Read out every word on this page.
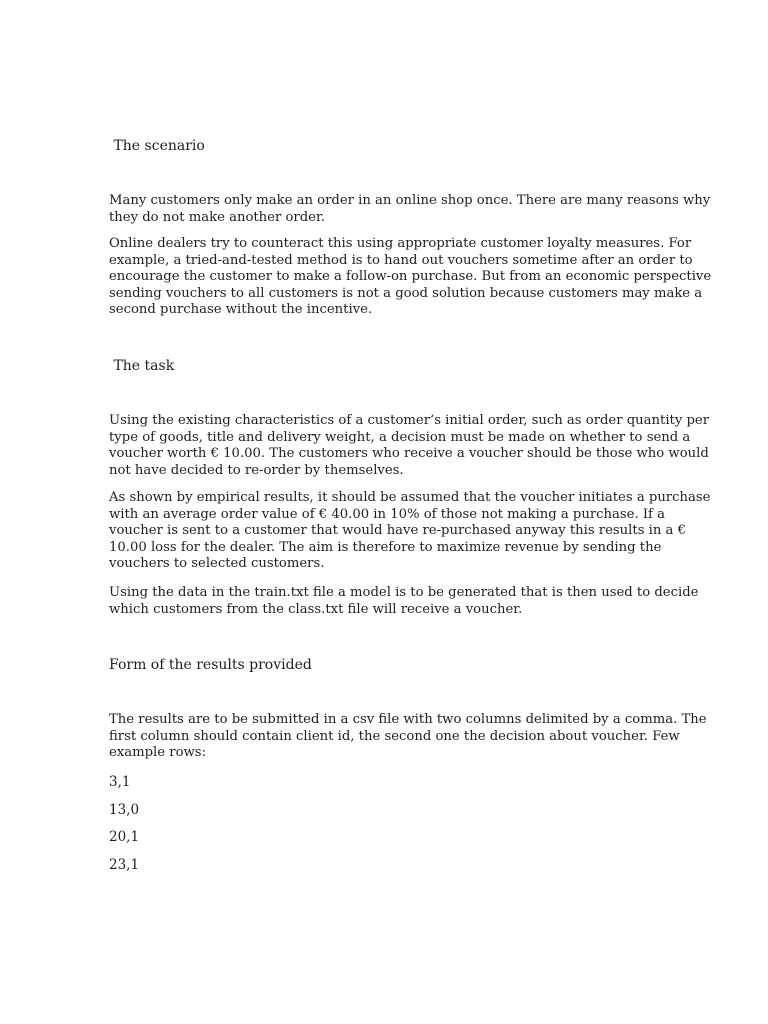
The scenario

Many customers only make an order in an online shop once. There are many reasons why they do not make another order.

Online dealers try to counteract this using appropriate customer loyalty measures. For example, a tried-and-tested method is to hand out vouchers sometime after an order to encourage the customer to make a follow-on purchase. But from an economic perspective sending vouchers to all customers is not a good solution because customers may make a second purchase without the incentive.

The task

Using the existing characteristics of a customer‘s initial order, such as order quantity per type of goods, title and delivery weight, a decision must be made on whether to send a voucher worth € 10.00. The customers who receive a voucher should be those who would not have decided to re-order by themselves.

As shown by empirical results, it should be assumed that the voucher initiates a purchase with an average order value of € 40.00 in 10% of those not making a purchase. If a voucher is sent to a customer that would have re-purchased anyway this results in a € 10.00 loss for the dealer. The aim is therefore to maximize revenue by sending the vouchers to selected customers.

Using the data in the train.txt file a model is to be generated that is then used to decide which customers from the class.txt file will receive a voucher.

Form of the results provided

The results are to be submitted in a csv file with two columns delimited by a comma. The first column should contain client id, the second one the decision about voucher. Few example rows:

3,1

13,0

20,1

23,1
